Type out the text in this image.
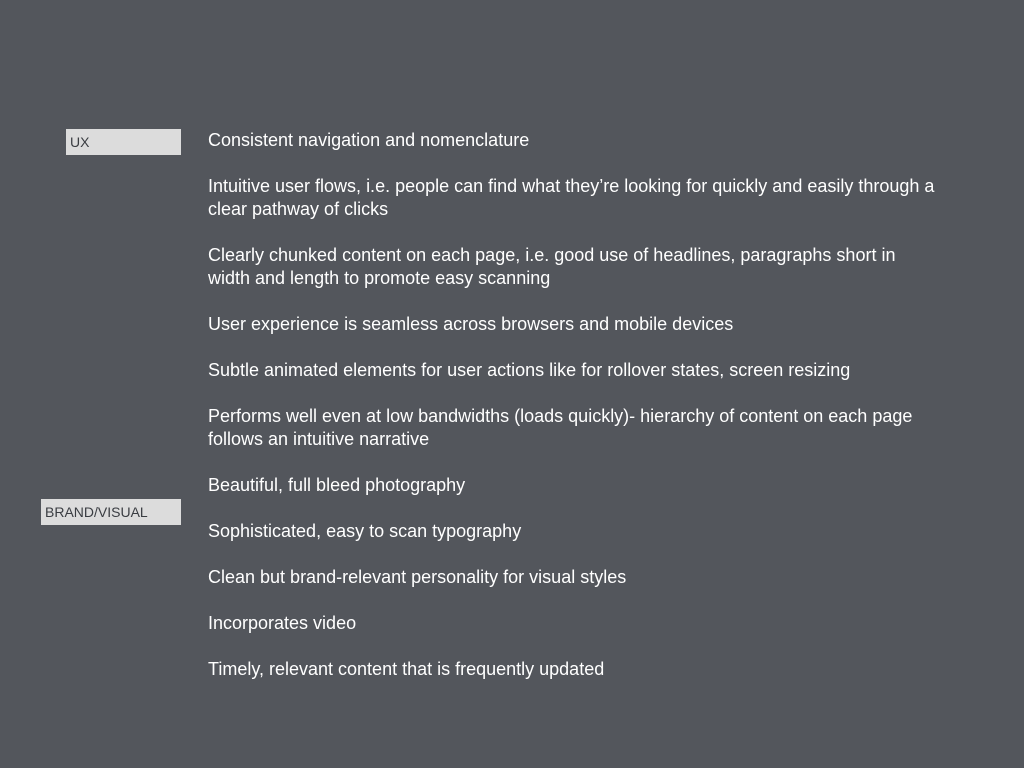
UX
BRAND/VISUAL
Consistent navigation and nomenclature
Intuitive user flows, i.e. people can find what they’re looking for quickly and easily through a clear pathway of clicks
Clearly chunked content on each page, i.e. good use of headlines, paragraphs short in width and length to promote easy scanning
User experience is seamless across browsers and mobile devices
Subtle animated elements for user actions like for rollover states, screen resizing
Performs well even at low bandwidths (loads quickly)- hierarchy of content on each page follows an intuitive narrative
Beautiful, full bleed photography
Sophisticated, easy to scan typography
Clean but brand-relevant personality for visual styles
Incorporates video
Timely, relevant content that is frequently updated
